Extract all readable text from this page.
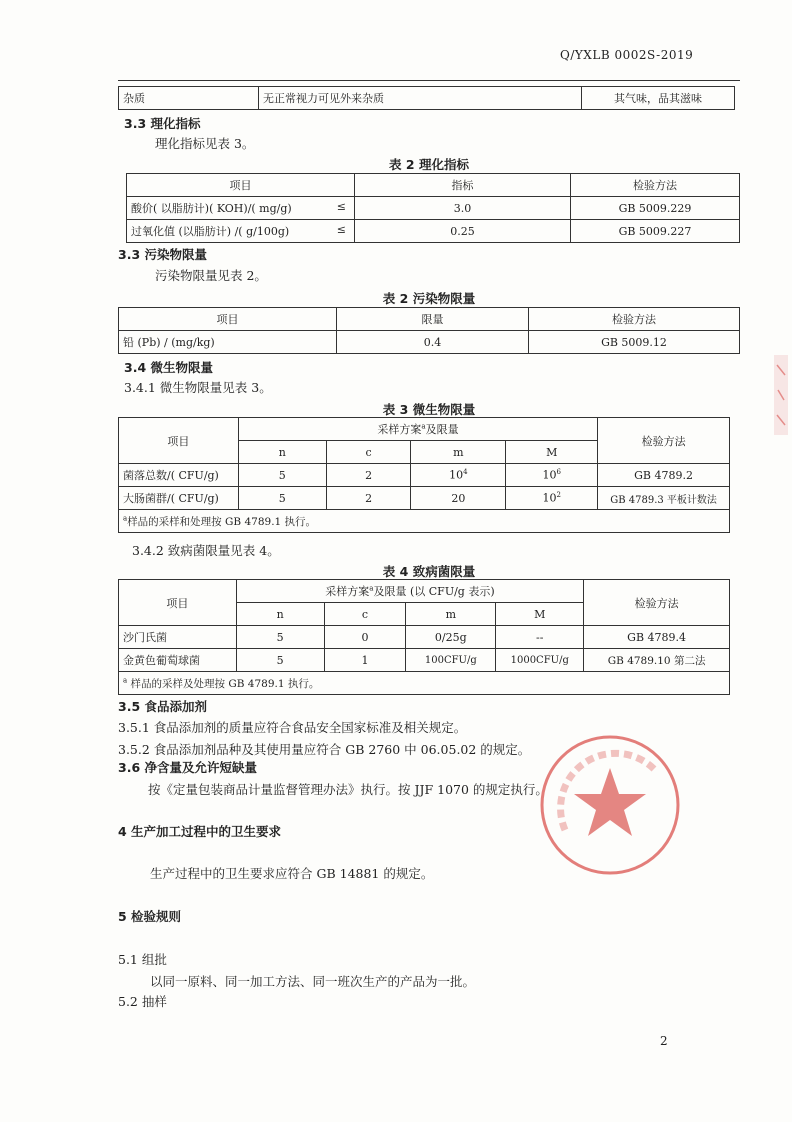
Q/YXLB 0002S-2019
杂质	无正常视力可见外来杂质	其气味，品其滋味
3.3 理化指标
理化指标见表 3。
表 2 理化指标
项目	指标	检验方法
酸价( 以脂肪计)( KOH)/( mg/g) ≤	3.0	GB 5009.229
过氧化值 (以脂肪计) /( g/100g) ≤	0.25	GB 5009.227
3.3 污染物限量
污染物限量见表 2。
表 2 污染物限量
项目	限量	检验方法
铅 (Pb) / (mg/kg)	0.4	GB 5009.12
3.4 微生物限量
3.4.1 微生物限量见表 3。
表 3 微生物限量
项目	采样方案$^a$及限量				检验方法
	n	c	m	M	
菌落总数/( CFU/g)	5	2	$10^4$	$10^6$	GB 4789.2
大肠菌群/( CFU/g)	5	2	20	$10^2$	GB 4789.3 平板计数法
$^a$样品的采样和处理按 GB 4789.1 执行。					
3.4.2 致病菌限量见表 4。
表 4 致病菌限量
项目	采样方案$^a$及限量 (以 CFU/g 表示)				检验方法
	n	c	m	M	
沙门氏菌	5	0	0/25g	--	GB 4789.4
金黄色葡萄球菌	5	1	100CFU/g	1000CFU/g	GB 4789.10 第二法
$^a$ 样品的采样及处理按 GB 4789.1 执行。					
3.5 食品添加剂
3.5.1 食品添加剂的质量应符合食品安全国家标准及相关规定。
3.5.2 食品添加剂品种及其使用量应符合 GB 2760 中 06.05.02 的规定。
3.6 净含量及允许短缺量
按《定量包装商品计量监督管理办法》执行。按 JJF 1070 的规定执行。
4 生产加工过程中的卫生要求
生产过程中的卫生要求应符合 GB 14881 的规定。
5 检验规则
5.1 组批
以同一原料、同一加工方法、同一班次生产的产品为一批。
5.2 抽样
2
